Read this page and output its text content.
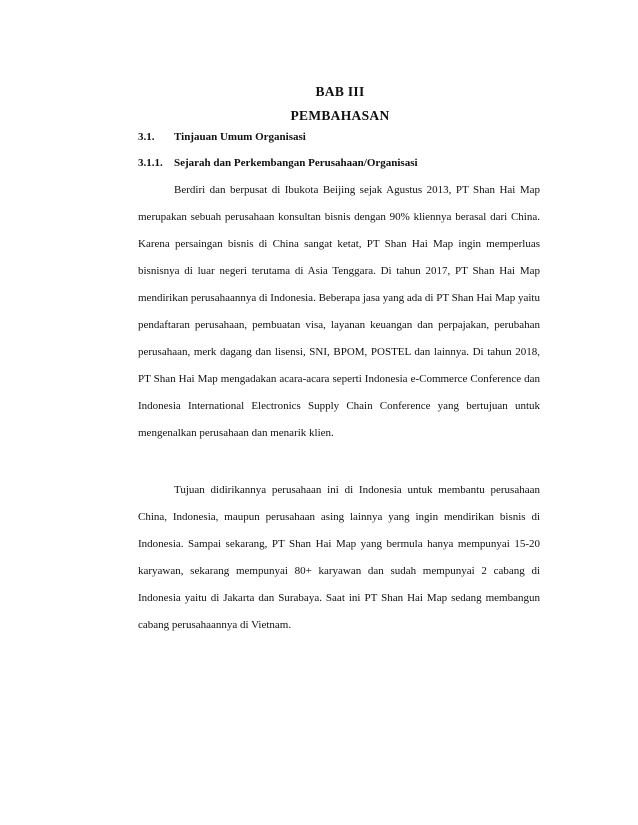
BAB III
PEMBAHASAN
3.1. Tinjauan Umum Organisasi
3.1.1. Sejarah dan Perkembangan Perusahaan/Organisasi

Berdiri dan berpusat di Ibukota Beijing sejak Agustus 2013, PT Shan Hai Map merupakan sebuah perusahaan konsultan bisnis dengan 90% kliennya berasal dari China. Karena persaingan bisnis di China sangat ketat, PT Shan Hai Map ingin memperluas bisnisnya di luar negeri terutama di Asia Tenggara. Di tahun 2017, PT Shan Hai Map mendirikan perusahaannya di Indonesia. Beberapa jasa yang ada di PT Shan Hai Map yaitu pendaftaran perusahaan, pembuatan visa, layanan keuangan dan perpajakan, perubahan perusahaan, merk dagang dan lisensi, SNI, BPOM, POSTEL dan lainnya. Di tahun 2018, PT Shan Hai Map mengadakan acara-acara seperti Indonesia e-Commerce Conference dan Indonesia International Electronics Supply Chain Conference yang bertujuan untuk mengenalkan perusahaan dan menarik klien.

Tujuan didirikannya perusahaan ini di Indonesia untuk membantu perusahaan China, Indonesia, maupun perusahaan asing lainnya yang ingin mendirikan bisnis di Indonesia. Sampai sekarang, PT Shan Hai Map yang bermula hanya mempunyai 15-20 karyawan, sekarang mempunyai 80+ karyawan dan sudah mempunyai 2 cabang di Indonesia yaitu di Jakarta dan Surabaya. Saat ini PT Shan Hai Map sedang membangun cabang perusahaannya di Vietnam.
